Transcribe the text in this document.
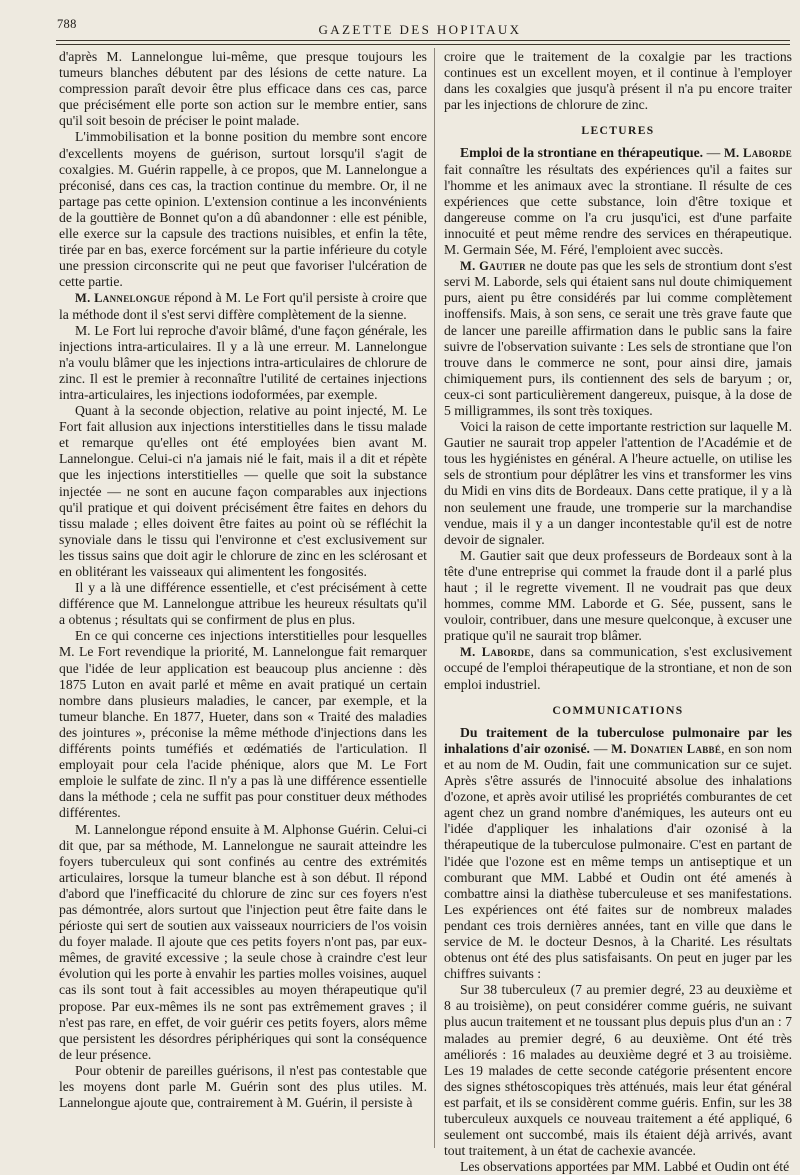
788	GAZETTE DES HOPITAUX

d'après M. Lannelongue lui-même, que presque toujours les tumeurs blanches débutent par des lésions de cette nature. La compression paraît devoir être plus efficace dans ces cas, parce que précisément elle porte son action sur le membre entier, sans qu'il soit besoin de préciser le point malade.

L'immobilisation et la bonne position du membre sont encore d'excellents moyens de guérison, surtout lorsqu'il s'agit de coxalgies. M. Guérin rappelle, à ce propos, que M. Lannelongue a préconisé, dans ces cas, la traction continue du membre. Or, il ne partage pas cette opinion. L'extension continue a les inconvénients de la gouttière de Bonnet qu'on a dû abandonner : elle est pénible, elle exerce sur la capsule des tractions nuisibles, et enfin la tête, tirée par en bas, exerce forcément sur la partie inférieure du cotyle une pression circonscrite qui ne peut que favoriser l'ulcération de cette partie.

M. Lannelongue répond à M. Le Fort qu'il persiste à croire que la méthode dont il s'est servi diffère complètement de la sienne.

M. Le Fort lui reproche d'avoir blâmé, d'une façon générale, les injections intra-articulaires. Il y a là une erreur. M. Lannelongue n'a voulu blâmer que les injections intra-articulaires de chlorure de zinc. Il est le premier à reconnaître l'utilité de certaines injections intra-articulaires, les injections iodoformées, par exemple.

Quant à la seconde objection, relative au point injecté, M. Le Fort fait allusion aux injections interstitielles dans le tissu malade et remarque qu'elles ont été employées bien avant M. Lannelongue. Celui-ci n'a jamais nié le fait, mais il a dit et répète que les injections interstitielles — quelle que soit la substance injectée — ne sont en aucune façon comparables aux injections qu'il pratique et qui doivent précisément être faites en dehors du tissu malade ; elles doivent être faites au point où se réfléchit la synoviale dans le tissu qui l'environne et c'est exclusivement sur les tissus sains que doit agir le chlorure de zinc en les sclérosant et en oblitérant les vaisseaux qui alimentent les fongosités.

Il y a là une différence essentielle, et c'est précisément à cette différence que M. Lannelongue attribue les heureux résultats qu'il a obtenus ; résultats qui se confirment de plus en plus.

En ce qui concerne ces injections interstitielles pour lesquelles M. Le Fort revendique la priorité, M. Lannelongue fait remarquer que l'idée de leur application est beaucoup plus ancienne : dès 1875 Luton en avait parlé et même en avait pratiqué un certain nombre dans plusieurs maladies, le cancer, par exemple, et la tumeur blanche. En 1877, Hueter, dans son « Traité des maladies des jointures », préconise la même méthode d'injections dans les différents points tuméfiés et œdématiés de l'articulation. Il employait pour cela l'acide phénique, alors que M. Le Fort emploie le sulfate de zinc. Il n'y a pas là une différence essentielle dans la méthode ; cela ne suffit pas pour constituer deux méthodes différentes.

M. Lannelongue répond ensuite à M. Alphonse Guérin. Celui-ci dit que, par sa méthode, M. Lannelongue ne saurait atteindre les foyers tuberculeux qui sont confinés au centre des extrémités articulaires, lorsque la tumeur blanche est à son début. Il répond d'abord que l'inefficacité du chlorure de zinc sur ces foyers n'est pas démontrée, alors surtout que l'injection peut être faite dans le périoste qui sert de soutien aux vaisseaux nourriciers de l'os voisin du foyer malade. Il ajoute que ces petits foyers n'ont pas, par eux-mêmes, de gravité excessive ; la seule chose à craindre c'est leur évolution qui les porte à envahir les parties molles voisines, auquel cas ils sont tout à fait accessibles au moyen thérapeutique qu'il propose. Par eux-mêmes ils ne sont pas extrêmement graves ; il n'est pas rare, en effet, de voir guérir ces petits foyers, alors même que persistent les désordres périphériques qui sont la conséquence de leur présence.

Pour obtenir de pareilles guérisons, il n'est pas contestable que les moyens dont parle M. Guérin sont des plus utiles. M. Lannelongue ajoute que, contrairement à M. Guérin, il persiste à

croire que le traitement de la coxalgie par les tractions continues est un excellent moyen, et il continue à l'employer dans les coxalgies que jusqu'à présent il n'a pu encore traiter par les injections de chlorure de zinc.

LECTURES

Emploi de la strontiane en thérapeutique. — M. Laborde fait connaître les résultats des expériences qu'il a faites sur l'homme et les animaux avec la strontiane. Il résulte de ces expériences que cette substance, loin d'être toxique et dangereuse comme on l'a cru jusqu'ici, est d'une parfaite innocuité et peut même rendre des services en thérapeutique. M. Germain Sée, M. Féré, l'emploient avec succès.

M. Gautier ne doute pas que les sels de strontium dont s'est servi M. Laborde, sels qui étaient sans nul doute chimiquement purs, aient pu être considérés par lui comme complètement inoffensifs. Mais, à son sens, ce serait une très grave faute que de lancer une pareille affirmation dans le public sans la faire suivre de l'observation suivante : Les sels de strontiane que l'on trouve dans le commerce ne sont, pour ainsi dire, jamais chimiquement purs, ils contiennent des sels de baryum ; or, ceux-ci sont particulièrement dangereux, puisque, à la dose de 5 milligrammes, ils sont très toxiques.

Voici la raison de cette importante restriction sur laquelle M. Gautier ne saurait trop appeler l'attention de l'Académie et de tous les hygiénistes en général. A l'heure actuelle, on utilise les sels de strontium pour déplâtrer les vins et transformer les vins du Midi en vins dits de Bordeaux. Dans cette pratique, il y a là non seulement une fraude, une tromperie sur la marchandise vendue, mais il y a un danger incontestable qu'il est de notre devoir de signaler.

M. Gautier sait que deux professeurs de Bordeaux sont à la tête d'une entreprise qui commet la fraude dont il a parlé plus haut ; il le regrette vivement. Il ne voudrait pas que deux hommes, comme MM. Laborde et G. Sée, pussent, sans le vouloir, contribuer, dans une mesure quelconque, à excuser une pratique qu'il ne saurait trop blâmer.

M. Laborde, dans sa communication, s'est exclusivement occupé de l'emploi thérapeutique de la strontiane, et non de son emploi industriel.

COMMUNICATIONS

Du traitement de la tuberculose pulmonaire par les inhalations d'air ozonisé. — M. Donatien Labbé, en son nom et au nom de M. Oudin, fait une communication sur ce sujet. Après s'être assurés de l'innocuité absolue des inhalations d'ozone, et après avoir utilisé les propriétés comburantes de cet agent chez un grand nombre d'anémiques, les auteurs ont eu l'idée d'appliquer les inhalations d'air ozonisé à la thérapeutique de la tuberculose pulmonaire. C'est en partant de l'idée que l'ozone est en même temps un antiseptique et un comburant que MM. Labbé et Oudin ont été amenés à combattre ainsi la diathèse tuberculeuse et ses manifestations. Les expériences ont été faites sur de nombreux malades pendant ces trois dernières années, tant en ville que dans le service de M. le docteur Desnos, à la Charité. Les résultats obtenus ont été des plus satisfaisants. On peut en juger par les chiffres suivants :

Sur 38 tuberculeux (7 au premier degré, 23 au deuxième et 8 au troisième), on peut considérer comme guéris, ne suivant plus aucun traitement et ne toussant plus depuis plus d'un an : 7 malades au premier degré, 6 au deuxième. Ont été très améliorés : 16 malades au deuxième degré et 3 au troisième. Les 19 malades de cette seconde catégorie présentent encore des signes sthétoscopiques très atténués, mais leur état général est parfait, et ils se considèrent comme guéris. Enfin, sur les 38 tuberculeux auxquels ce nouveau traitement a été appliqué, 6 seulement ont succombé, mais ils étaient déjà arrivés, avant tout traitement, à un état de cachexie avancée.

Les observations apportées par MM. Labbé et Oudin ont été
